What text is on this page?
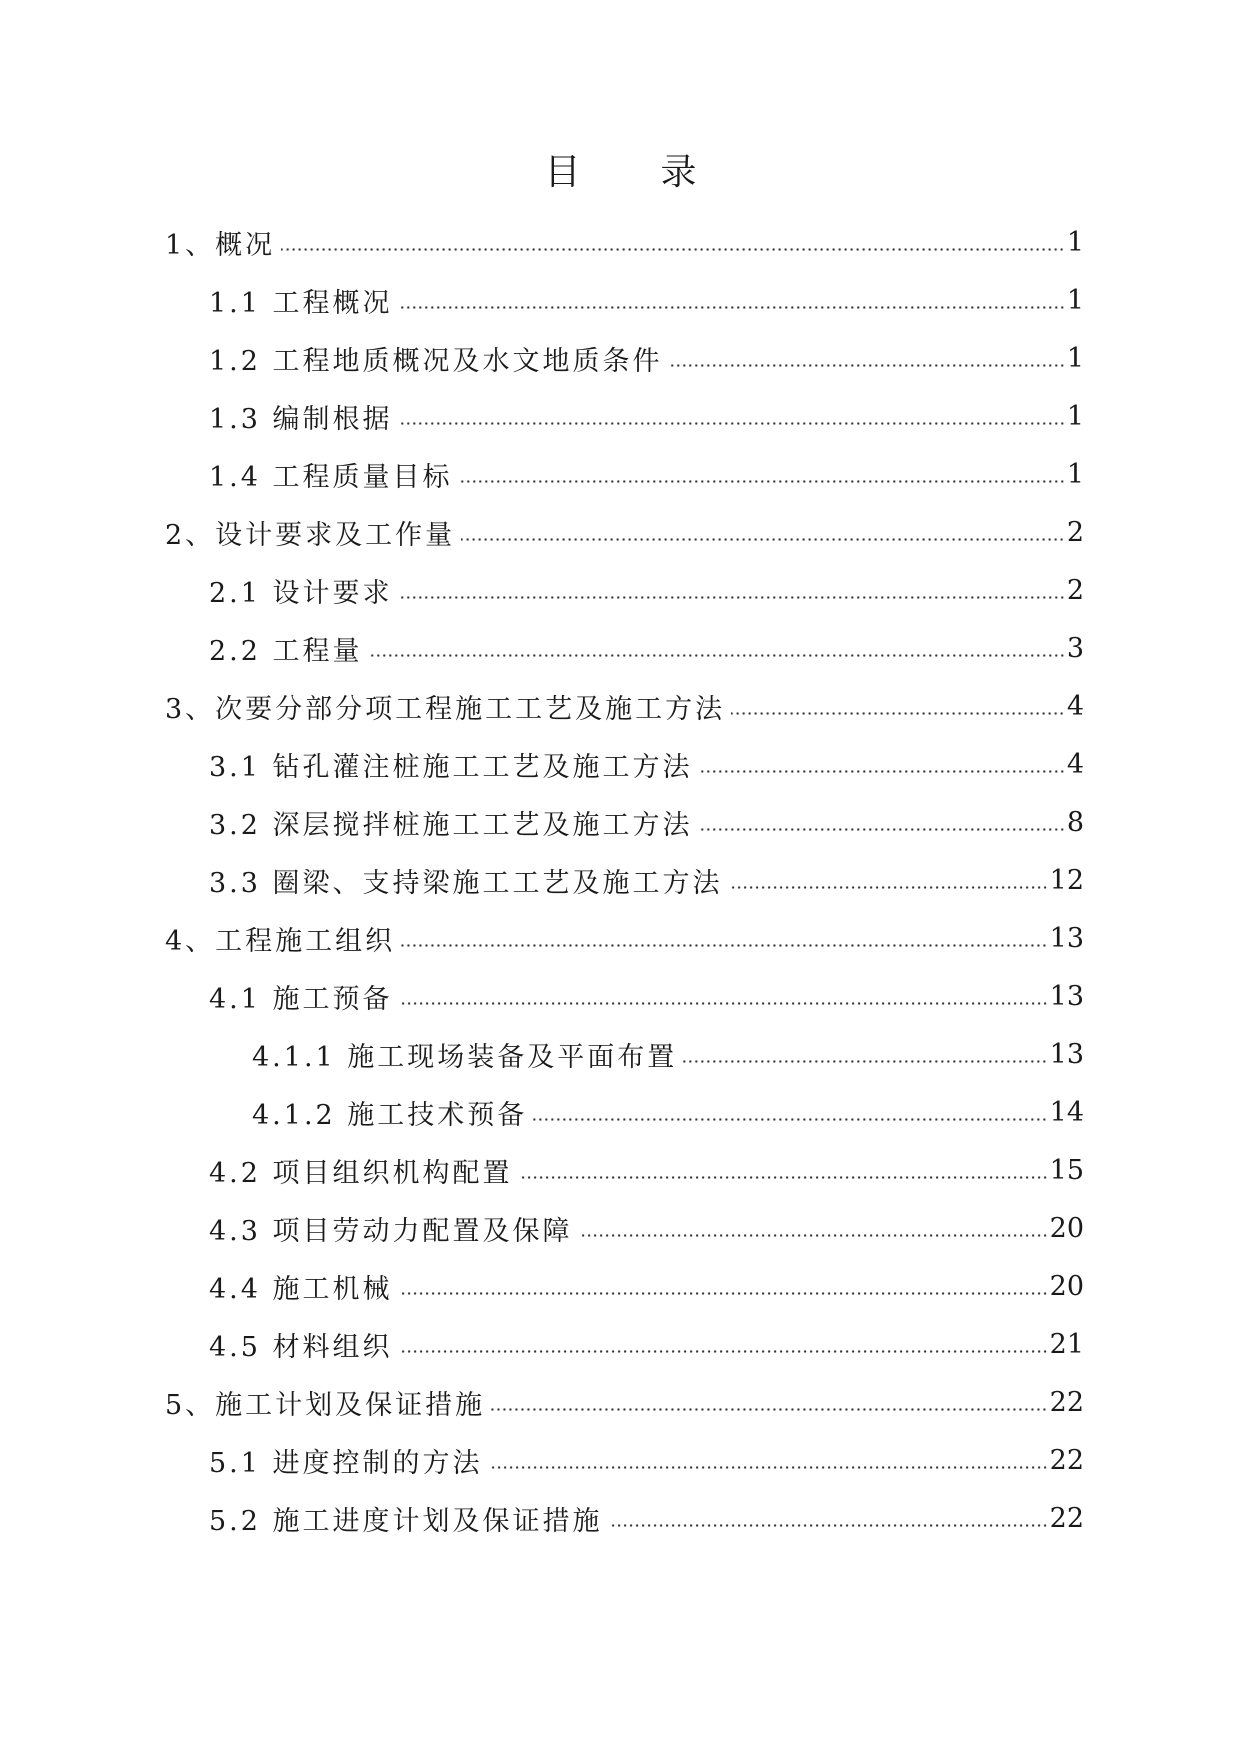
目 录
1、概况	1
1.1 工程概况	1
1.2 工程地质概况及水文地质条件	1
1.3 编制根据	1
1.4 工程质量目标	1
2、设计要求及工作量	2
2.1 设计要求	2
2.2 工程量	3
3、次要分部分项工程施工工艺及施工方法	4
3.1 钻孔灌注桩施工工艺及施工方法	4
3.2 深层搅拌桩施工工艺及施工方法	8
3.3 圈梁、支持梁施工工艺及施工方法	12
4、工程施工组织	13
4.1 施工预备	13
4.1.1 施工现场装备及平面布置	13
4.1.2 施工技术预备	14
4.2 项目组织机构配置	15
4.3 项目劳动力配置及保障	20
4.4 施工机械	20
4.5 材料组织	21
5、施工计划及保证措施	22
5.1 进度控制的方法	22
5.2 施工进度计划及保证措施	22
